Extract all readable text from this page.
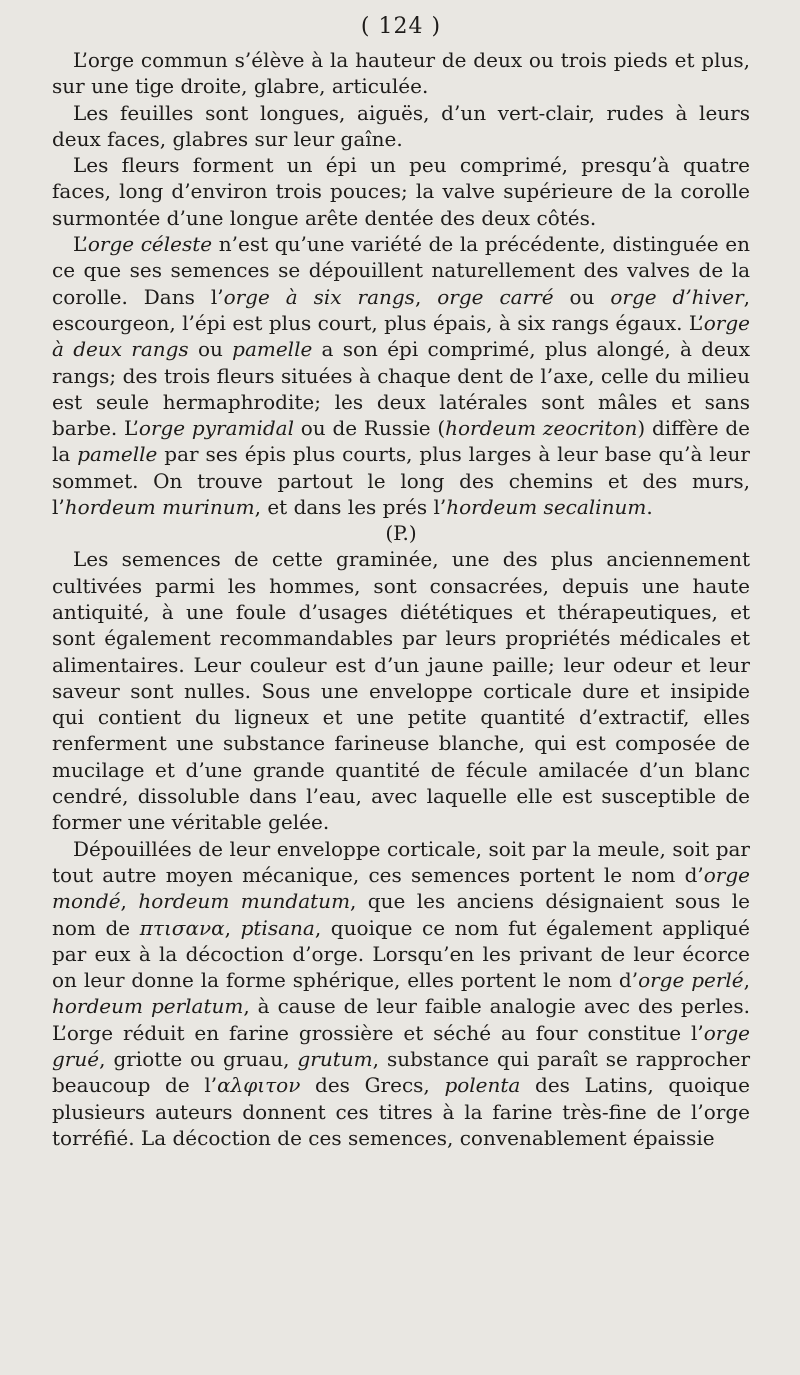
( 124 )

L’orge commun s’élève à la hauteur de deux ou trois pieds et plus, sur une tige droite, glabre, articulée.

Les feuilles sont longues, aiguës, d’un vert-clair, rudes à leurs deux faces, glabres sur leur gaîne.

Les fleurs forment un épi un peu comprimé, presqu’à quatre faces, long d’environ trois pouces; la valve supérieure de la corolle surmontée d’une longue arête dentée des deux côtés.

L’orge céleste n’est qu’une variété de la précédente, distinguée en ce que ses semences se dépouillent naturellement des valves de la corolle. Dans l’orge à six rangs, orge carré ou orge d’hiver, escourgeon, l’épi est plus court, plus épais, à six rangs égaux. L’orge à deux rangs ou pamelle a son épi comprimé, plus alongé, à deux rangs; des trois fleurs situées à chaque dent de l’axe, celle du milieu est seule hermaphrodite; les deux latérales sont mâles et sans barbe. L’orge pyramidal ou de Russie (hordeum zeocriton) diffère de la pamelle par ses épis plus courts, plus larges à leur base qu’à leur sommet. On trouve partout le long des chemins et des murs, l’hordeum murinum, et dans les prés l’hordeum secalinum.

(P.)

Les semences de cette graminée, une des plus anciennement cultivées parmi les hommes, sont consacrées, depuis une haute antiquité, à une foule d’usages diététiques et thérapeutiques, et sont également recommandables par leurs propriétés médicales et alimentaires. Leur couleur est d’un jaune paille; leur odeur et leur saveur sont nulles. Sous une enveloppe corticale dure et insipide qui contient du ligneux et une petite quantité d’extractif, elles renferment une substance farineuse blanche, qui est composée de mucilage et d’une grande quantité de fécule amilacée d’un blanc cendré, dissoluble dans l’eau, avec laquelle elle est susceptible de former une véritable gelée.

Dépouillées de leur enveloppe corticale, soit par la meule, soit par tout autre moyen mécanique, ces semences portent le nom d’orge mondé, hordeum mundatum, que les anciens désignaient sous le nom de πτισανα, ptisana, quoique ce nom fut également appliqué par eux à la décoction d’orge. Lorsqu’en les privant de leur écorce on leur donne la forme sphérique, elles portent le nom d’orge perlé, hordeum perlatum, à cause de leur faible analogie avec des perles. L’orge réduit en farine grossière et séché au four constitue l’orge grué, griotte ou gruau, grutum, substance qui paraît se rapprocher beaucoup de l’αλφιτον des Grecs, polenta des Latins, quoique plusieurs auteurs donnent ces titres à la farine très-fine de l’orge torréfié. La décoction de ces semences, convenablement épaissie
